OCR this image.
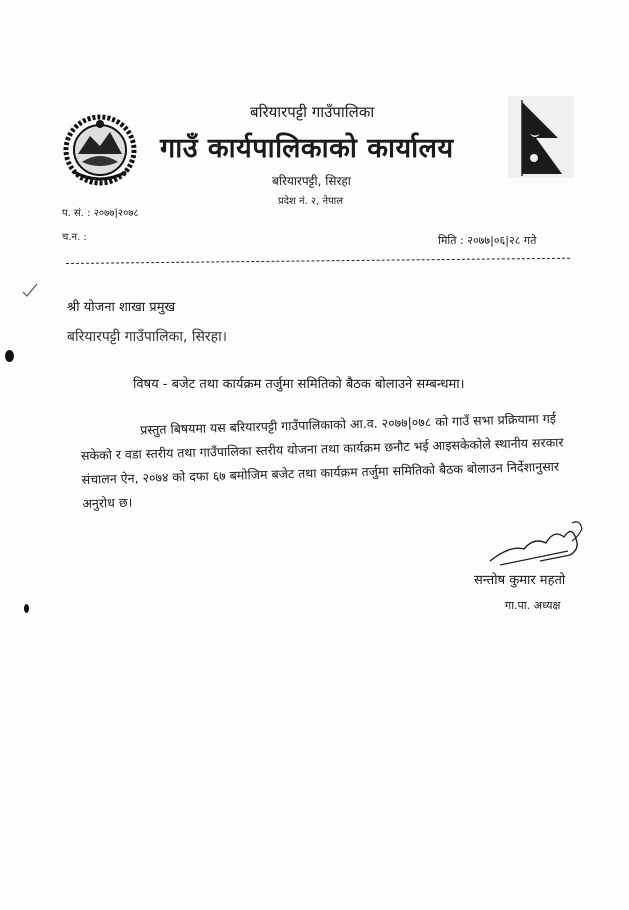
बरियारपट्टी गाउँपालिका
गाउँ कार्यपालिकाको कार्यालय
बरियारपट्टी, सिरहा
प्रदेश नं. २, नेपाल
प. सं. : २०७७|२०७८
च.न. :	मिति : २०७७|०६|२८ गते
श्री योजना शाखा प्रमुख
बरियारपट्टी गाउँपालिका, सिरहा।
विषय - बजेट तथा कार्यक्रम तर्जुमा समितिको बैठक बोलाउने सम्बन्धमा।

प्रस्तुत बिषयमा यस बरियारपट्टी गाउँपालिकाको आ.व. २०७७|०७८ को गाउँ सभा प्रक्रियामा गई सकेको र वडा स्तरीय तथा गाउँपालिका स्तरीय योजना तथा कार्यक्रम छनौट भई आइसकेकोले स्थानीय सरकार संचालन ऐन, २०७४ को दफा ६७ बमोजिम बजेट तथा कार्यक्रम तर्जुमा समितिको बैठक बोलाउन निर्देशानुसार अनुरोध छ।

सन्तोष कुमार महतो
गा.पा. अध्यक्ष
